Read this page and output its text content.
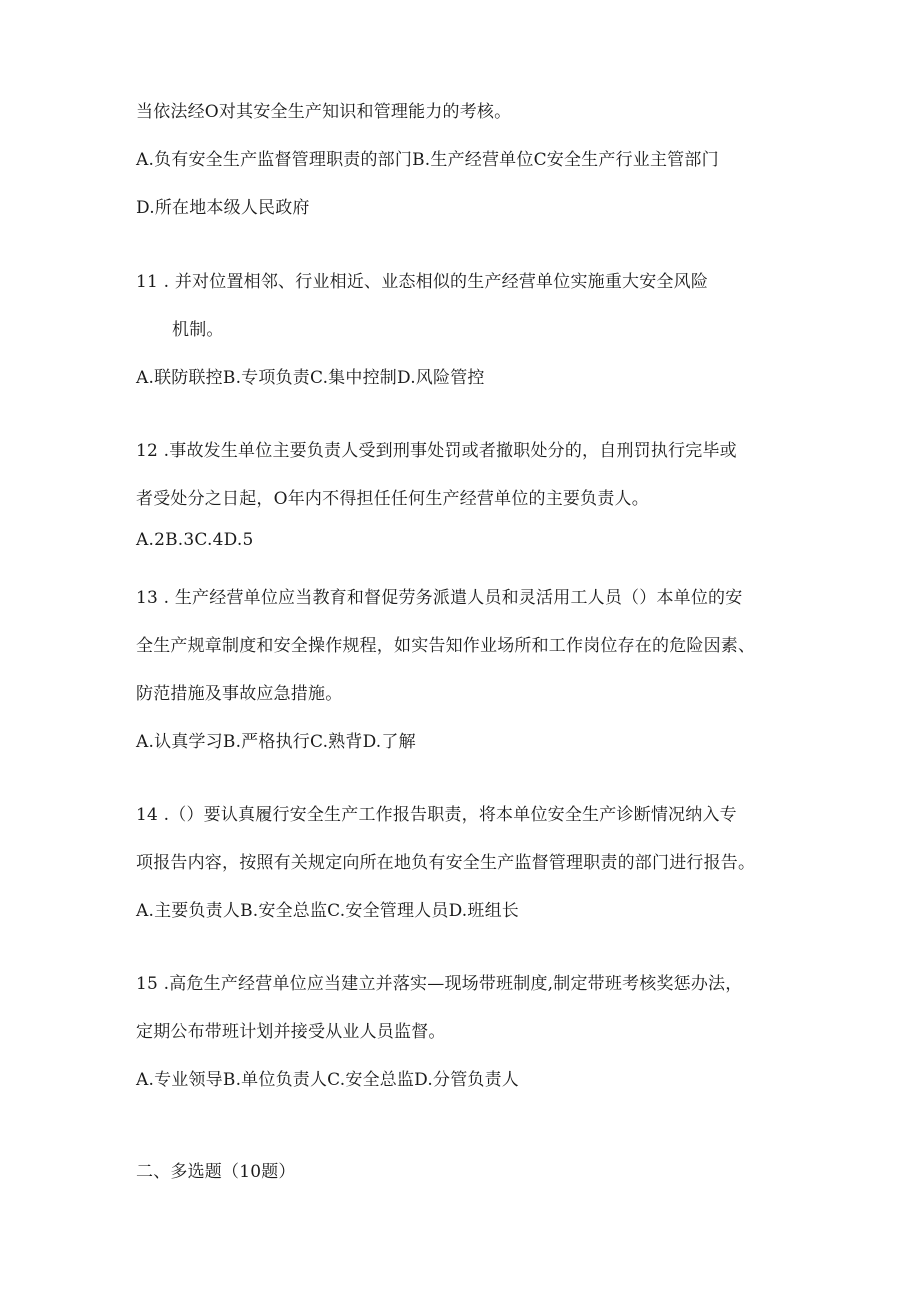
当依法经O对其安全生产知识和管理能力的考核。
A.负有安全生产监督管理职责的部门B.生产经营单位C安全生产行业主管部门
D.所在地本级人民政府
11 . 并对位置相邻、行业相近、业态相似的生产经营单位实施重大安全风险
机制。
A.联防联控B.专项负责C.集中控制D.风险管控
12 .事故发生单位主要负责人受到刑事处罚或者撤职处分的，自刑罚执行完毕或
者受处分之日起，O年内不得担任任何生产经营单位的主要负责人。
A.2B.3C.4D.5
13 . 生产经营单位应当教育和督促劳务派遣人员和灵活用工人员（）本单位的安
全生产规章制度和安全操作规程，如实告知作业场所和工作岗位存在的危险因素、
防范措施及事故应急措施。
A.认真学习B.严格执行C.熟背D.了解
14 .（）要认真履行安全生产工作报告职责，将本单位安全生产诊断情况纳入专
项报告内容，按照有关规定向所在地负有安全生产监督管理职责的部门进行报告。
A.主要负责人B.安全总监C.安全管理人员D.班组长
15 .高危生产经营单位应当建立并落实—现场带班制度,制定带班考核奖惩办法，
定期公布带班计划并接受从业人员监督。
A.专业领导B.单位负责人C.安全总监D.分管负责人
二、多选题（10题）
